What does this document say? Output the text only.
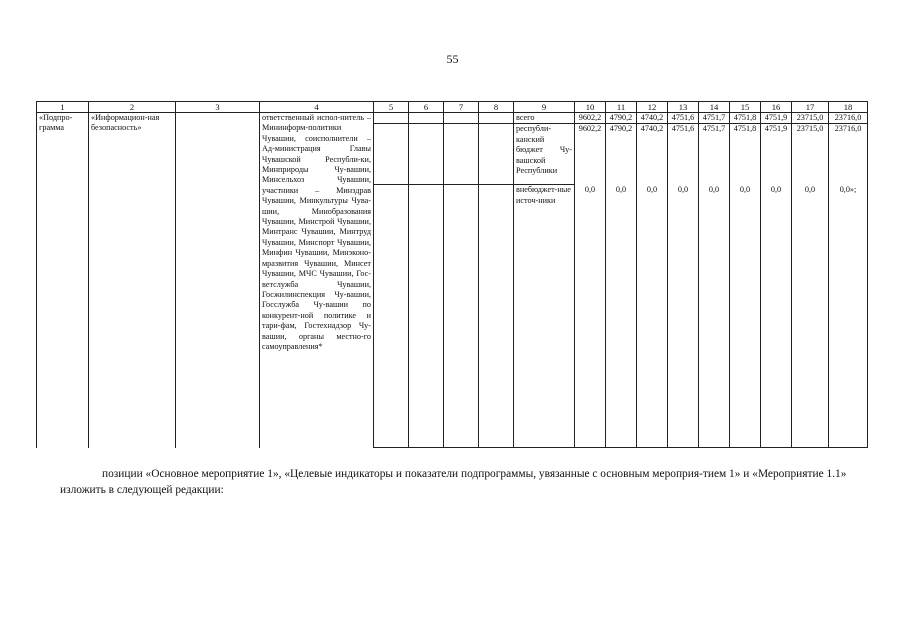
55
1	2	3	4	5	6	7	8	9	10	11	12	13	14	15	16	17	18
«Подпро-грамма	«Информацион-ная безопасность»		ответственный испол-нитель – Мининформ-политики Чувашии, соисполнители – Ад-министрация Главы Чувашской Республи-ки, Минприроды Чу-вашии, Минсельхоз Чувашии, участники – Минздрав Чувашии, Минкультуры Чува-шии, Минобразования Чувашии, Минстрой Чувашии, Минтранс Чувашии, Минтруд Чувашии, Минспорт Чувашии, Минфин Чувашии, Минэконо-мразвития Чувашии, Минсет Чувашии, МЧС Чувашии, Гос-ветслужба Чувашии, Госжилинспекция Чу-вашии, Госслужба Чу-вашии по конкурент-ной политике и тари-фам, Гостехнадзор Чу-вашии, органы местно-го самоуправления*					всего	9602,2	4790,2	4740,2	4751,6	4751,7	4751,8	4751,9	23715,0	23716,0
								республи-канский бюджет Чу-вашской Республики	9602,2	4790,2	4740,2	4751,6	4751,7	4751,8	4751,9	23715,0	23716,0
								внебюджет-ные источ-ники	0,0	0,0	0,0	0,0	0,0	0,0	0,0	0,0	0,0»;
позиции «Основное мероприятие 1», «Целевые индикаторы и показатели подпрограммы, увязанные с основным мероприя-тием 1» и «Мероприятие 1.1» изложить в следующей редакции:
